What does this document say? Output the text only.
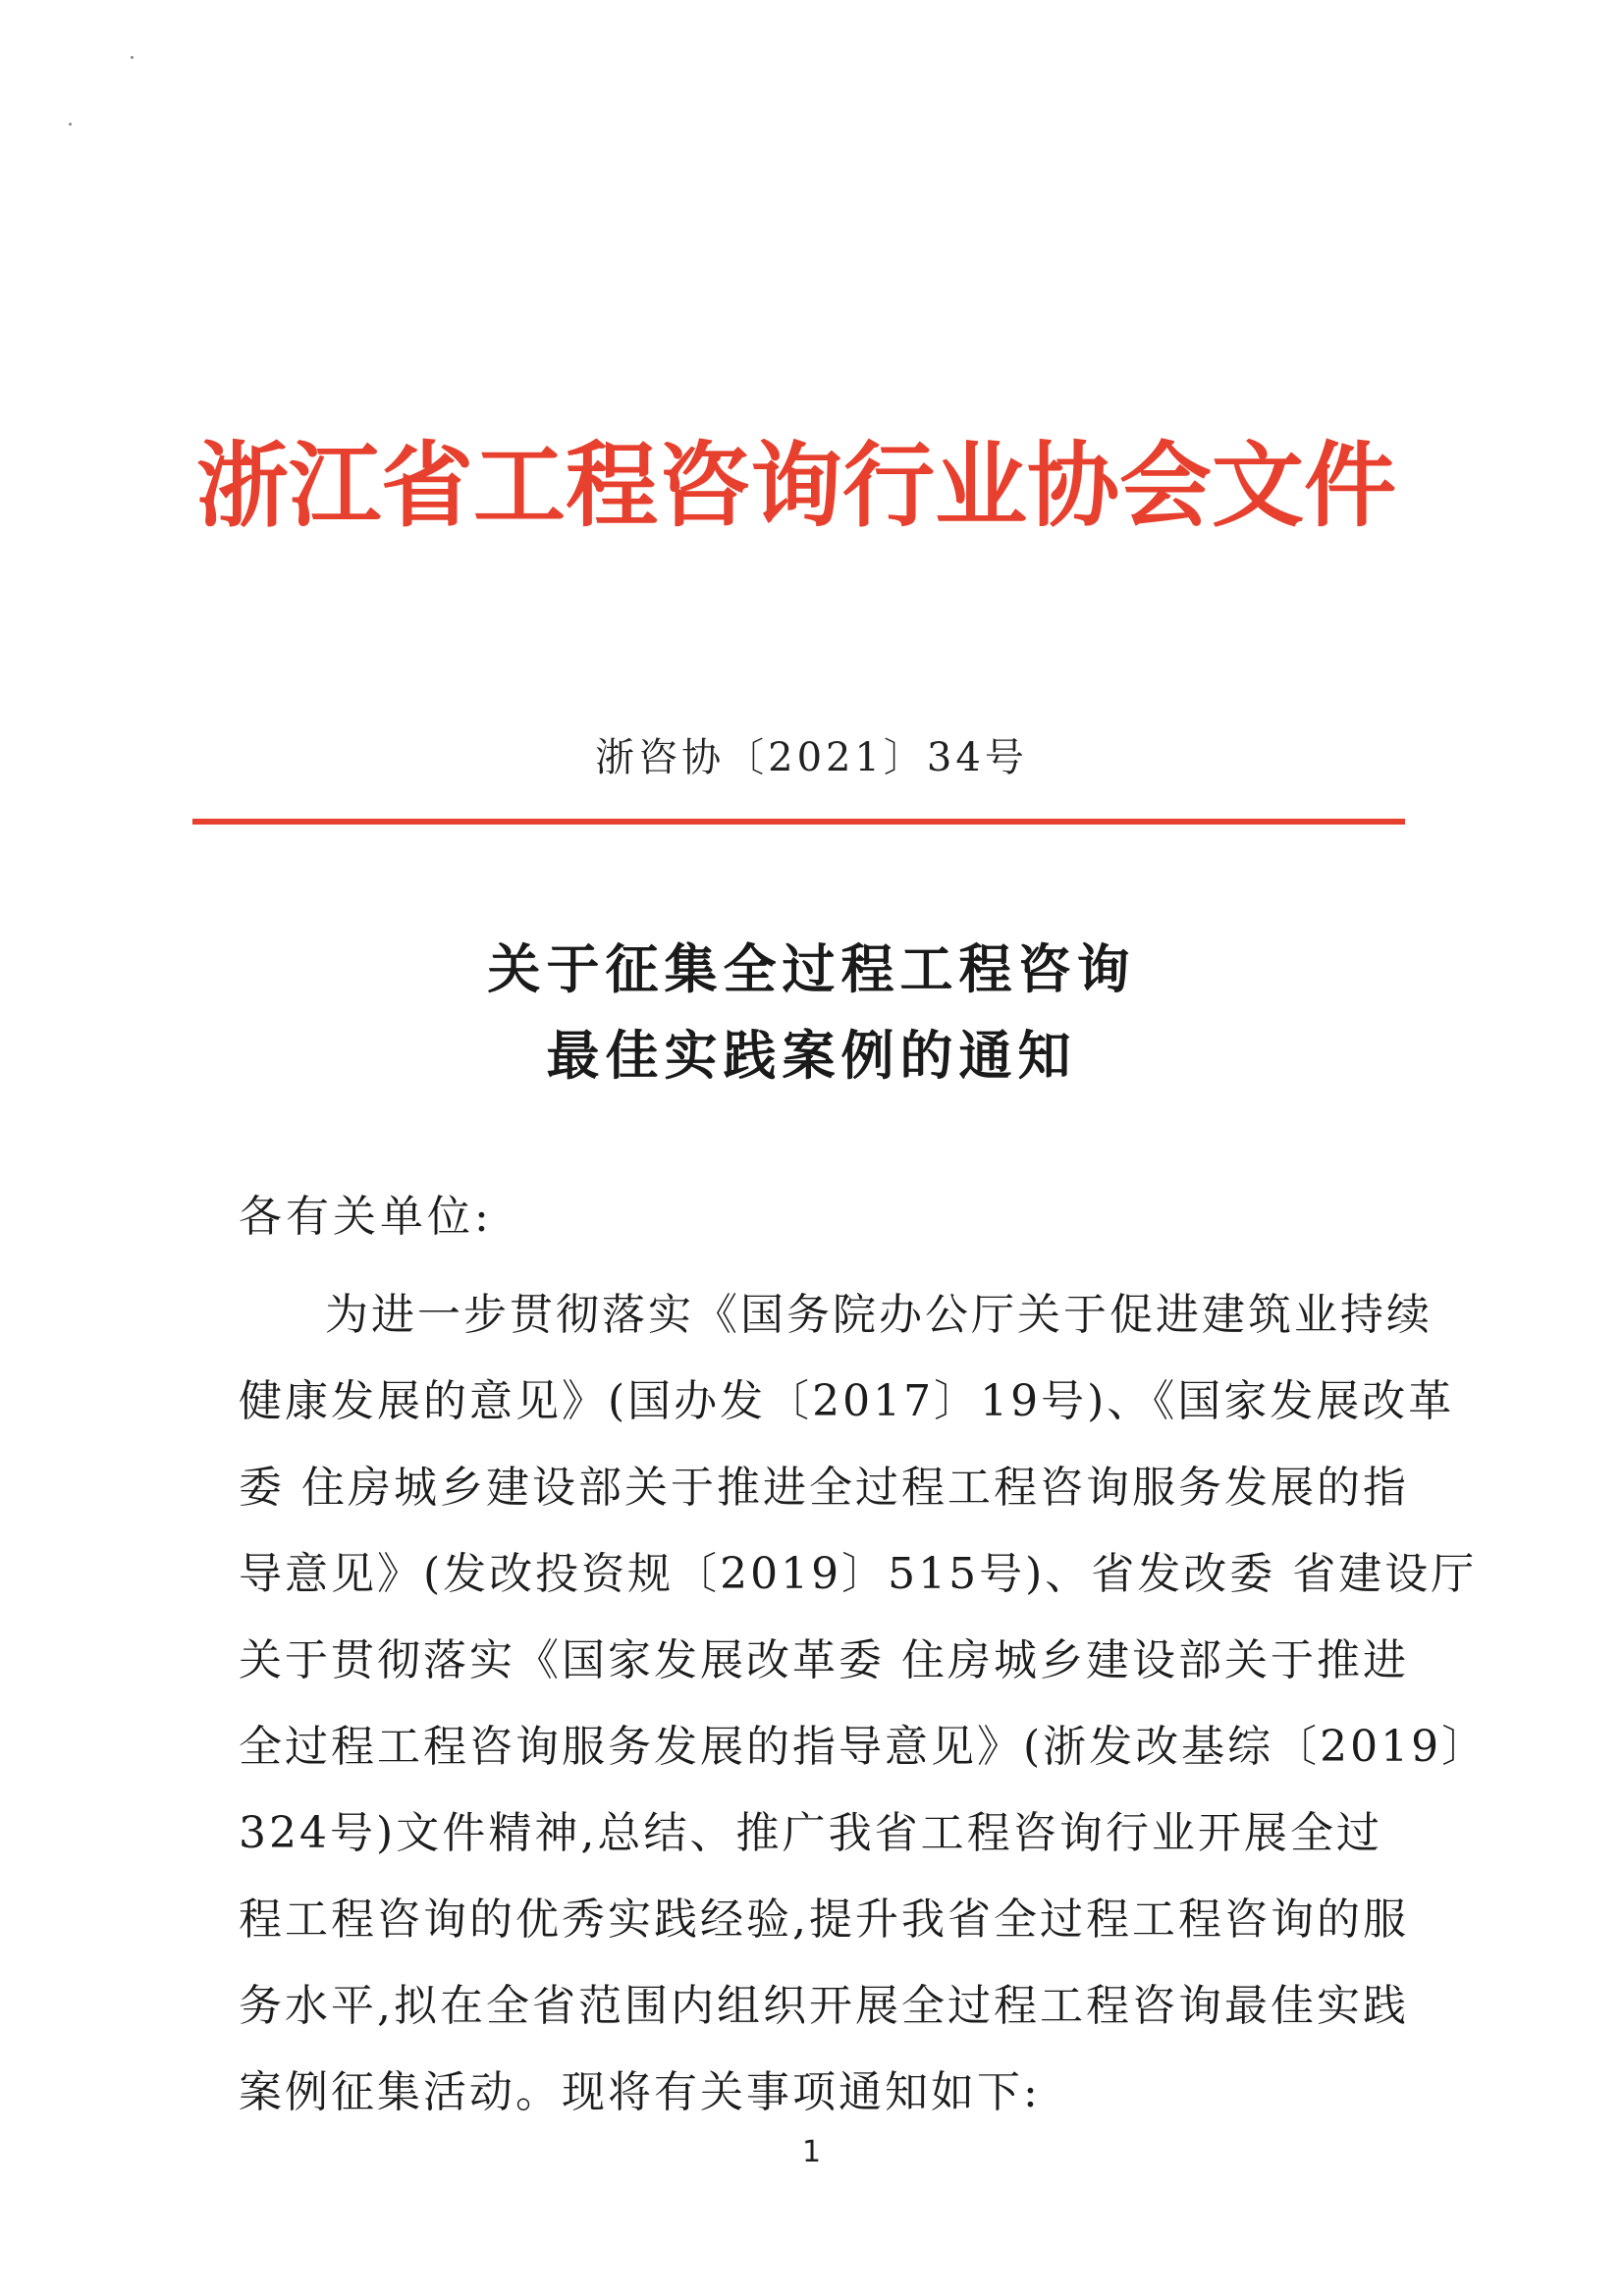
浙江省工程咨询行业协会文件
浙咨协〔2021〕34号
关于征集全过程工程咨询
最佳实践案例的通知
各有关单位:
为进一步贯彻落实《国务院办公厅关于促进建筑业持续
健康发展的意见》(国办发〔2017〕19号)、《国家发展改革
委 住房城乡建设部关于推进全过程工程咨询服务发展的指
导意见》(发改投资规〔2019〕515号)、省发改委 省建设厅
关于贯彻落实《国家发展改革委 住房城乡建设部关于推进
全过程工程咨询服务发展的指导意见》(浙发改基综〔2019〕
324号)文件精神,总结、推广我省工程咨询行业开展全过
程工程咨询的优秀实践经验,提升我省全过程工程咨询的服
务水平,拟在全省范围内组织开展全过程工程咨询最佳实践
案例征集活动。现将有关事项通知如下:
1
